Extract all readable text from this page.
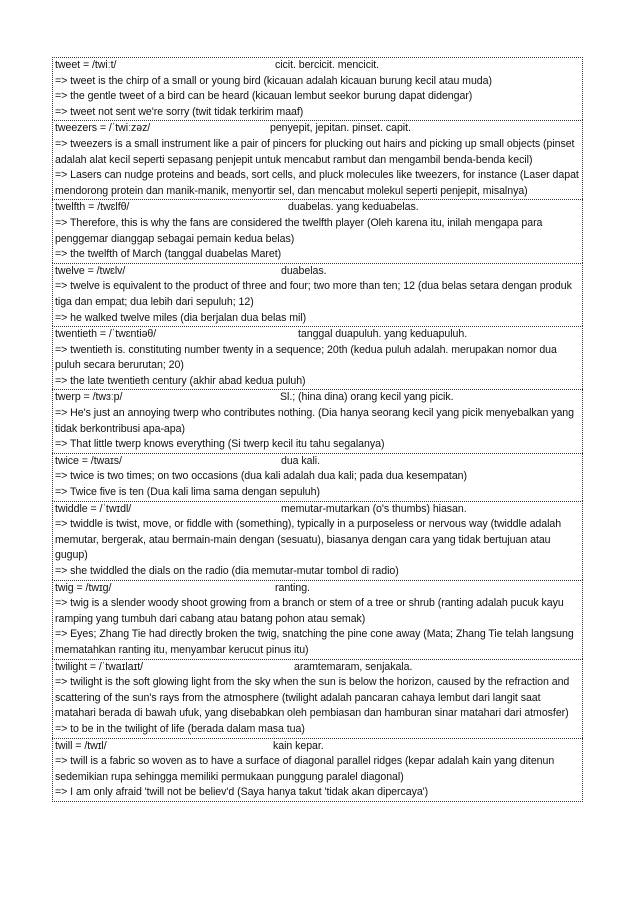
tweet = /twiːt/	cicit. bercicit. mencicit.
=> tweet is the chirp of a small or young bird (kicauan adalah kicauan burung kecil atau muda)
=> the gentle tweet of a bird can be heard (kicauan lembut seekor burung dapat didengar)
=> tweet not sent we're sorry (twit tidak terkirim maaf)
tweezers = /ˈtwiːzəz/	penyepit, jepitan. pinset. capit.
=> tweezers is a small instrument like a pair of pincers for plucking out hairs and picking up small objects (pinset adalah alat kecil seperti sepasang penjepit untuk mencabut rambut dan mengambil benda-benda kecil)
=> Lasers can nudge proteins and beads, sort cells, and pluck molecules like tweezers, for instance (Laser dapat mendorong protein dan manik-manik, menyortir sel, dan mencabut molekul seperti penjepit, misalnya)
twelfth = /twɛlfθ/	duabelas. yang keduabelas.
=> Therefore, this is why the fans are considered the twelfth player (Oleh karena itu, inilah mengapa para penggemar dianggap sebagai pemain kedua belas)
=> the twelfth of March (tanggal duabelas Maret)
twelve = /twɛlv/	duabelas.
=> twelve is equivalent to the product of three and four; two more than ten; 12 (dua belas setara dengan produk tiga dan empat; dua lebih dari sepuluh; 12)
=> he walked twelve miles (dia berjalan dua belas mil)
twentieth = /ˈtwɛntiəθ/	tanggal duapuluh. yang keduapuluh.
=> twentieth is. constituting number twenty in a sequence; 20th (kedua puluh adalah. merupakan nomor dua puluh secara berurutan; 20)
=> the late twentieth century (akhir abad kedua puluh)
twerp = /twɜːp/	Sl.; (hina dina) orang kecil yang picik.
=> He's just an annoying twerp who contributes nothing. (Dia hanya seorang kecil yang picik menyebalkan yang tidak berkontribusi apa-apa)
=> That little twerp knows everything (Si twerp kecil itu tahu segalanya)
twice = /twaɪs/	dua kali.
=> twice is two times; on two occasions (dua kali adalah dua kali; pada dua kesempatan)
=> Twice five is ten (Dua kali lima sama dengan sepuluh)
twiddle = /ˈtwɪdl/	memutar-mutarkan (o's thumbs) hiasan.
=> twiddle is twist, move, or fiddle with (something), typically in a purposeless or nervous way (twiddle adalah memutar, bergerak, atau bermain-main dengan (sesuatu), biasanya dengan cara yang tidak bertujuan atau gugup)
=> she twiddled the dials on the radio (dia memutar-mutar tombol di radio)
twig = /twɪg/	ranting.
=> twig is a slender woody shoot growing from a branch or stem of a tree or shrub (ranting adalah pucuk kayu ramping yang tumbuh dari cabang atau batang pohon atau semak)
=> Eyes; Zhang Tie had directly broken the twig, snatching the pine cone away (Mata; Zhang Tie telah langsung mematahkan ranting itu, menyambar kerucut pinus itu)
twilight = /ˈtwaɪlaɪt/	aramtemaram, senjakala.
=> twilight is the soft glowing light from the sky when the sun is below the horizon, caused by the refraction and scattering of the sun's rays from the atmosphere (twilight adalah pancaran cahaya lembut dari langit saat matahari berada di bawah ufuk, yang disebabkan oleh pembiasan dan hamburan sinar matahari dari atmosfer)
=> to be in the twilight of life (berada dalam masa tua)
twill = /twɪl/	kain kepar.
=> twill is a fabric so woven as to have a surface of diagonal parallel ridges (kepar adalah kain yang ditenun sedemikian rupa sehingga memiliki permukaan punggung paralel diagonal)
=> I am only afraid 'twill not be believ'd (Saya hanya takut 'tidak akan dipercaya')
